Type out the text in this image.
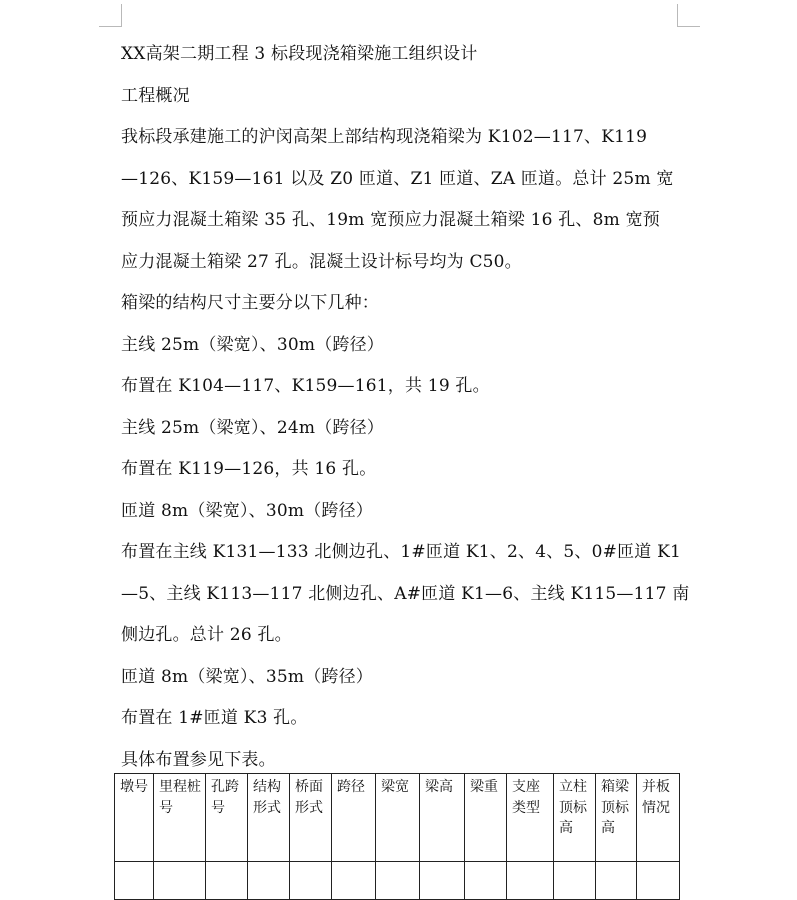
XX高架二期工程 3 标段现浇箱梁施工组织设计

工程概况

我标段承建施工的沪闵高架上部结构现浇箱梁为 K102—117、K119

—126、K159—161 以及 Z0 匝道、Z1 匝道、ZA 匝道。总计 25m 宽

预应力混凝土箱梁 35 孔、19m 宽预应力混凝土箱梁 16 孔、8m 宽预

应力混凝土箱梁 27 孔。混凝土设计标号均为 C50。

箱梁的结构尺寸主要分以下几种：

主线 25m（梁宽）、30m（跨径）

布置在 K104—117、K159—161，共 19 孔。

主线 25m（梁宽）、24m（跨径）

布置在 K119—126，共 16 孔。

匝道 8m（梁宽）、30m（跨径）

布置在主线 K131—133 北侧边孔、1#匝道 K1、2、4、5、0#匝道 K1

—5、主线 K113—117 北侧边孔、A#匝道 K1—6、主线 K115—117 南

侧边孔。总计 26 孔。

匝道 8m（梁宽）、35m（跨径）

布置在 1#匝道 K3 孔。

具体布置参见下表。

墩号	里程桩号	孔跨号	结构形式	桥面形式	跨径	梁宽	梁高	梁重	支座类型	立柱顶标高	箱梁顶标高	并板情况
